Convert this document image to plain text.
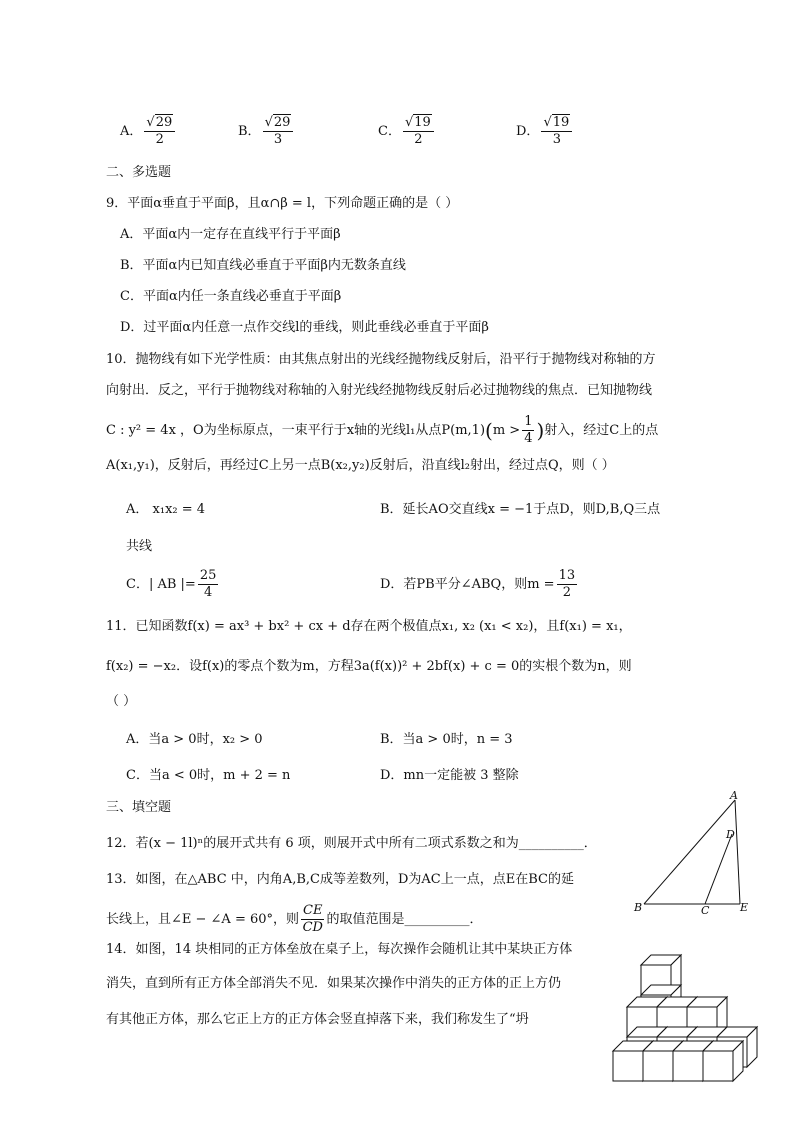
A． $\frac{√29}{2}$	B． $\frac{√29}{3}$	C． $\frac{√19}{2}$	D． $\frac{√19}{3}$
二、多选题
9．平面α垂直于平面β，且α∩β = l，下列命题正确的是（ ）
A．平面α内一定存在直线平行于平面β
B．平面α内已知直线必垂直于平面β内无数条直线
C．平面α内任一条直线必垂直于平面β
D．过平面α内任意一点作交线l的垂线，则此垂线必垂直于平面β
10．抛物线有如下光学性质：由其焦点射出的光线经抛物线反射后，沿平行于抛物线对称轴的方
向射出．反之，平行于抛物线对称轴的入射光线经抛物线反射后必过抛物线的焦点．已知抛物线
C : y² = 4x ，O为坐标原点，一束平行于x轴的光线l₁从点$P(m,1)(m > \frac{1}{4}$ )射入，经过C上的点
A(x₁,y₁)，反射后，再经过C上另一点B(x₂,y₂)反射后，沿直线l₂射出，经过点Q，则（ ）
A． x₁x₂ = 4	B．延长AO交直线x = −1于点D，则D,B,Q三点
共线
C．| AB |= $\frac{25}{4}$	D．若PB平分∠ABQ，则$m = \frac{13}{2}$
11．已知函数f(x) = ax³ + bx² + cx + d存在两个极值点x₁, x₂ (x₁ < x₂)，且f(x₁) = x₁，
f(x₂) = −x₂．设f(x)的零点个数为m，方程3a(f(x))² + 2bf(x) + c = 0的实根个数为n，则
（ ）
A．当a > 0时，x₂ > 0	B．当a > 0时，n = 3
C．当a < 0时，m + 2 = n	D．mn一定能被 3 整除
三、填空题
12．若(x − 1l)ⁿ的展开式共有 6 项，则展开式中所有二项式系数之和为__________．
13．如图，在△ABC 中，内角A,B,C成等差数列，D为AC上一点，点E在BC的延
长线上，且∠E − ∠A = 60°，则 $\frac{CE}{CD}$ 的取值范围是__________．
14．如图，14 块相同的正方体垒放在桌子上，每次操作会随机让其中某块正方体
消失，直到所有正方体全部消失不见．如果某次操作中消失的正方体的正上方仍
有其他正方体，那么它正上方的正方体会竖直掉落下来，我们称发生了“坍
A
D
B	C	E
